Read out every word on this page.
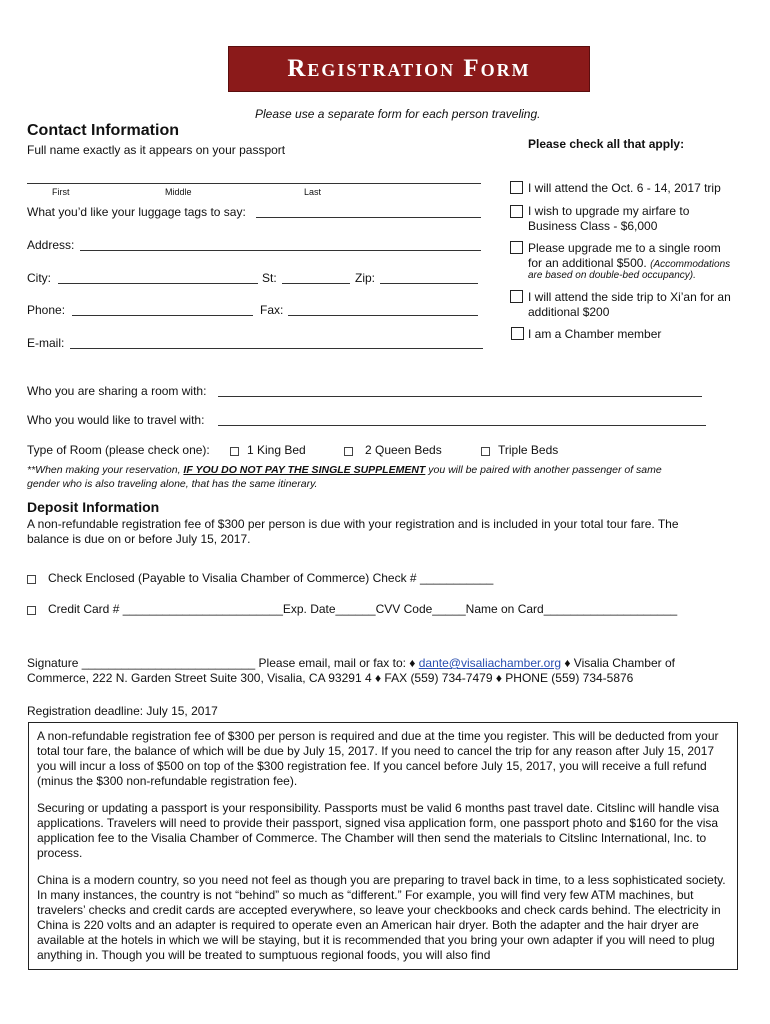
Registration Form
Please use a separate form for each person traveling.
Contact Information
Full name exactly as it appears on your passport
First	Middle	Last
What you’d like your luggage tags to say:
Address:
City:	St:	Zip:
Phone:	Fax:
E-mail:
Please check all that apply:
I will attend the Oct. 6 - 14, 2017 trip
I wish to upgrade my airfare to
Business Class - $6,000
Please upgrade me to a single room
for an additional $500. (Accommodations
are based on double-bed occupancy).
I will attend the side trip to Xi’an for an
additional $200
I am a Chamber member
Who you are sharing a room with:
Who you would like to travel with:
Type of Room (please check one):	1 King Bed	2 Queen Beds	Triple Beds
**When making your reservation, IF YOU DO NOT PAY THE SINGLE SUPPLEMENT you will be paired with another passenger of same
gender who is also traveling alone, that has the same itinerary.
Deposit Information
A non-refundable registration fee of $300 per person is due with your registration and is included in your total tour fare. The
balance is due on or before July 15, 2017.
Check Enclosed (Payable to Visalia Chamber of Commerce) Check # ___________
Credit Card # ________________________Exp. Date______CVV Code_____Name on Card____________________
Signature __________________________ Please email, mail or fax to: ♦ dante@visaliachamber.org ♦ Visalia Chamber of
Commerce, 222 N. Garden Street Suite 300, Visalia, CA 93291 4 ♦ FAX (559) 734-7479 ♦ PHONE (559) 734-5876
Registration deadline: July 15, 2017

A non-refundable registration fee of $300 per person is required and due at the time you register. This will be deducted from your total tour fare, the balance of which will be due by July 15, 2017. If you need to cancel the trip for any reason after July 15, 2017 you will incur a loss of $500 on top of the $300 registration fee. If you cancel before July 15, 2017, you will receive a full refund (minus the $300 non-refundable registration fee).

Securing or updating a passport is your responsibility. Passports must be valid 6 months past travel date. Citslinc will handle visa applications. Travelers will need to provide their passport, signed visa application form, one passport photo and $160 for the visa application fee to the Visalia Chamber of Commerce. The Chamber will then send the materials to Citslinc International, Inc. to process.

China is a modern country, so you need not feel as though you are preparing to travel back in time, to a less sophisticated society. In many instances, the country is not “behind” so much as “different.” For example, you will find very few ATM machines, but travelers’ checks and credit cards are accepted everywhere, so leave your checkbooks and check cards behind. The electricity in China is 220 volts and an adapter is required to operate even an American hair dryer. Both the adapter and the hair dryer are available at the hotels in which we will be staying, but it is recommended that you bring your own adapter if you will need to plug anything in. Though you will be treated to sumptuous regional foods, you will also find
